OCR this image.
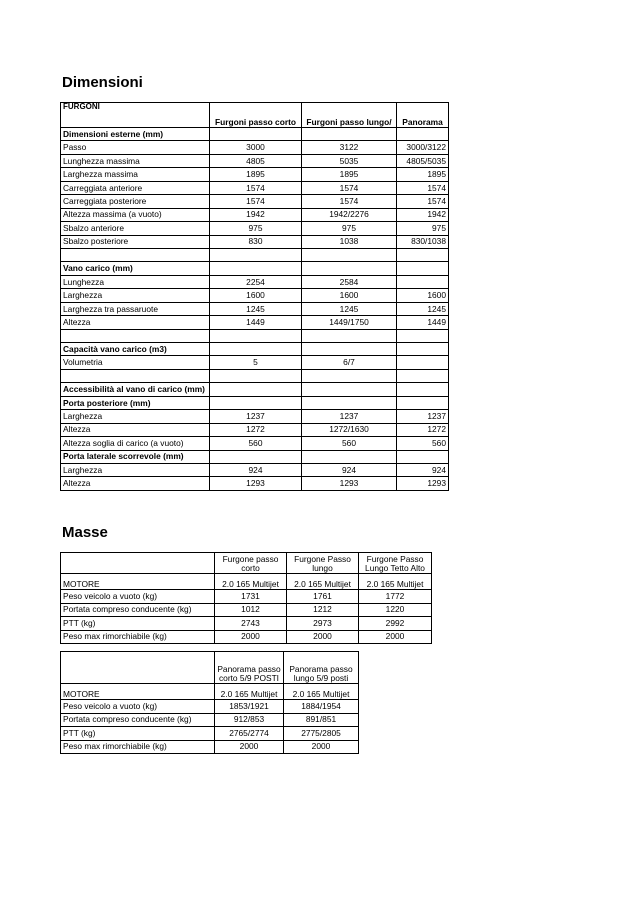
Dimensioni
FURGONI	Furgoni passo corto	Furgoni passo lungo/	Panorama
Dimensioni esterne (mm)			
Passo	3000	3122	3000/3122
Lunghezza massima	4805	5035	4805/5035
Larghezza massima	1895	1895	1895
Carreggiata anteriore	1574	1574	1574
Carreggiata posteriore	1574	1574	1574
Altezza massima (a vuoto)	1942	1942/2276	1942
Sbalzo anteriore	975	975	975
Sbalzo posteriore	830	1038	830/1038

Vano carico (mm)			
Lunghezza	2254	2584	
Larghezza	1600	1600	1600
Larghezza tra passaruote	1245	1245	1245
Altezza	1449	1449/1750	1449

Capacità vano carico (m3)			
Volumetria	5	6/7	

Accessibilità al vano di carico (mm)			
Porta posteriore (mm)			
Larghezza	1237	1237	1237
Altezza	1272	1272/1630	1272
Altezza soglia di carico (a vuoto)	560	560	560
Porta laterale scorrevole (mm)			
Larghezza	924	924	924
Altezza	1293	1293	1293
Masse
	Furgone passo corto	Furgone Passo lungo	Furgone Passo Lungo Tetto Alto
MOTORE	2.0 165 Multijet	2.0 165 Multijet	2.0 165 Multijet
Peso veicolo a vuoto (kg)	1731	1761	1772
Portata compreso conducente (kg)	1012	1212	1220
PTT (kg)	2743	2973	2992
Peso max rimorchiabile (kg)	2000	2000	2000
	Panorama passo corto 5/9 POSTI	Panorama passo lungo 5/9 posti
MOTORE	2.0 165 Multijet	2.0 165 Multijet
Peso veicolo a vuoto (kg)	1853/1921	1884/1954
Portata compreso conducente (kg)	912/853	891/851
PTT (kg)	2765/2774	2775/2805
Peso max rimorchiabile (kg)	2000	2000
